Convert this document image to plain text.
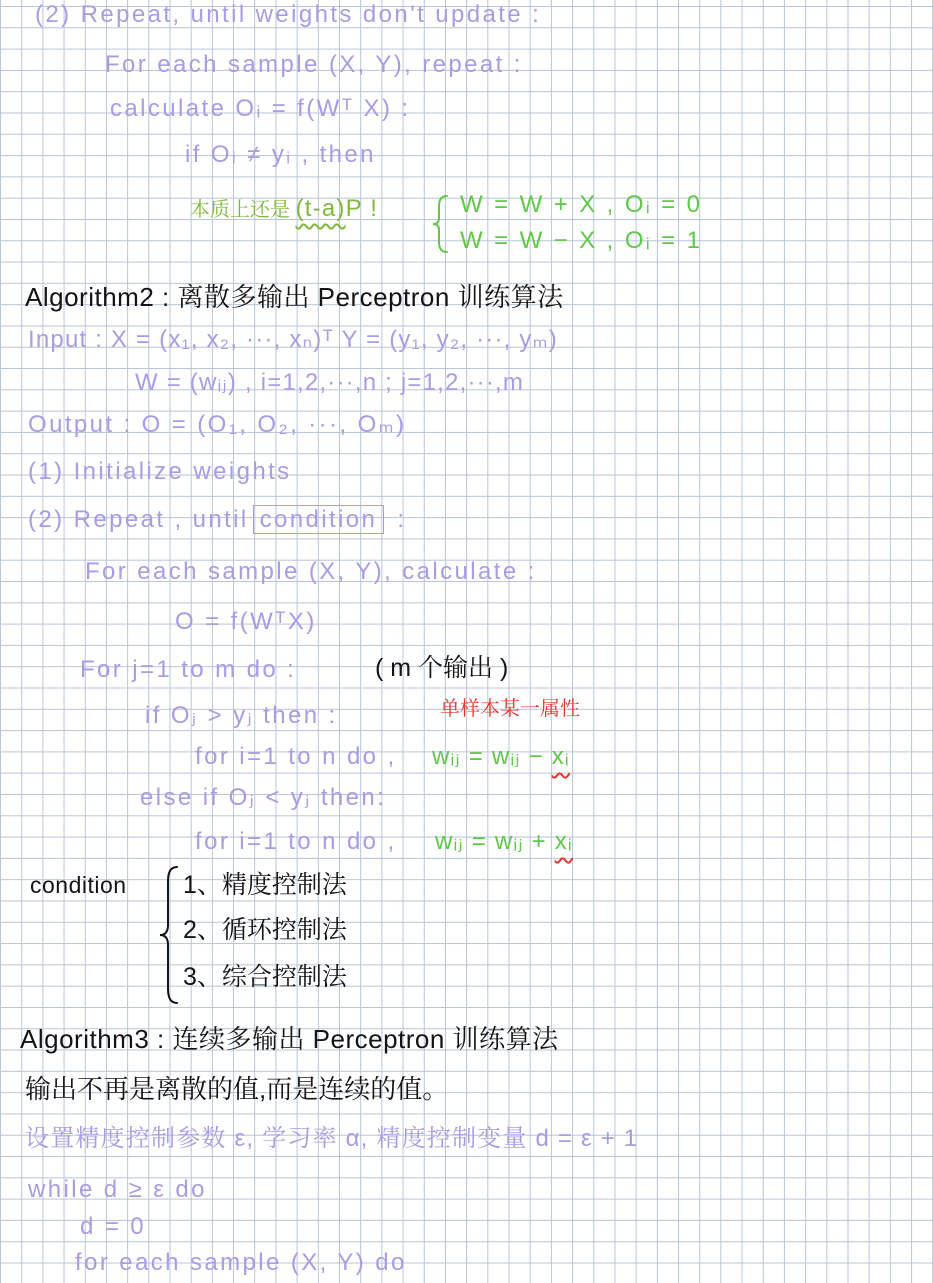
(2) Repeat, until weights don't update :
For each sample (X, Y), repeat :
calculate Oᵢ = f(Wᵀ X) :
if Oᵢ ≠ yᵢ , then
本质上还是 (t-a)P !	W = W + X , Oᵢ = 0
W = W − X , Oᵢ = 1
Algorithm2 : 离散多输出 Perceptron 训练算法
Input : X = (x₁, x₂, ···, xₙ)ᵀ Y = (y₁, y₂, ···, yₘ)
W = (wᵢⱼ) , i=1,2,···,n ; j=1,2,···,m
Output : O = (O₁, O₂, ···, Oₘ)
(1) Initialize weights
(2) Repeat , until condition :
For each sample (X, Y), calculate :
O = f(WᵀX)
For j=1 to m do :	( m 个输出 )
单样本某一属性
if Oⱼ > yⱼ then :
for i=1 to n do , wᵢⱼ = wᵢⱼ − xᵢ
else if Oⱼ < yⱼ then:
for i=1 to n do , wᵢⱼ = wᵢⱼ + xᵢ
condition 1、精度控制法
2、循环控制法
3、综合控制法
Algorithm3 : 连续多输出 Perceptron 训练算法
输出不再是离散的值,而是连续的值。
设置精度控制参数 ε, 学习率 α, 精度控制变量 d = ε + 1
while d ≥ ε do
d = 0
for each sample (X, Y) do
